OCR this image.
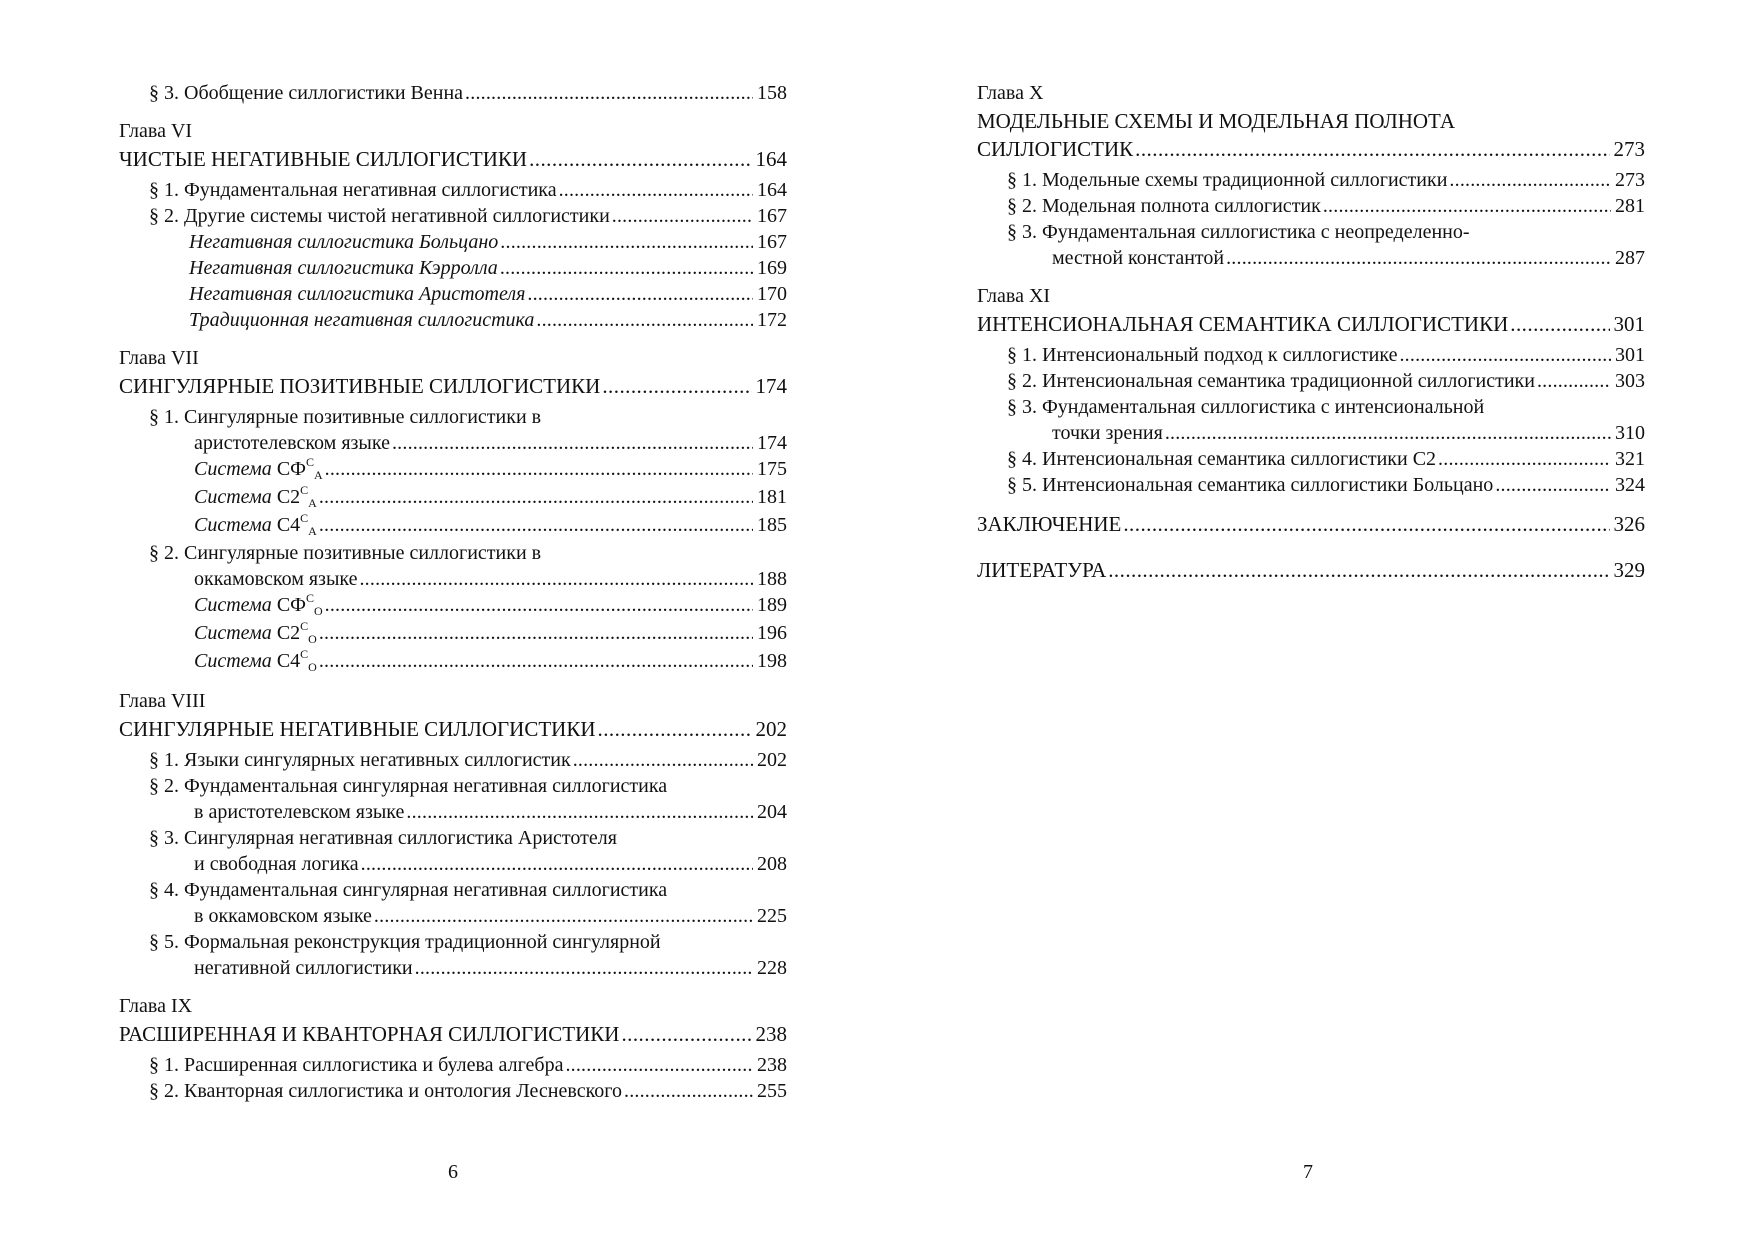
§ 3. Обобщение силлогистики Венна . . .	158
Глава VI
ЧИСТЫЕ НЕГАТИВНЫЕ СИЛЛОГИСТИКИ . . .	164
§ 1. Фундаментальная негативная силлогистика . . .	164
§ 2. Другие системы чистой негативной силлогистики . . .	167
Негативная силлогистика Больцано . . .	167
Негативная силлогистика Кэрролла . . .	169
Негативная силлогистика Аристотеля . . .	170
Традиционная негативная силлогистика . . .	172
Глава VII
СИНГУЛЯРНЫЕ ПОЗИТИВНЫЕ СИЛЛОГИСТИКИ . . .	174
§ 1. Сингулярные позитивные силлогистики в
аристотелевском языке . . .	174
Система $СФ^C_A$ . . .	175
Система $С2^C_A$ . . .	181
Система $С4^C_A$ . . .	185
§ 2. Сингулярные позитивные силлогистики в
оккамовском языке . . .	188
Система $СФ^C_O$ . . .	189
Система $С2^C_O$ . . .	196
Система $С4^C_O$ . . .	198
Глава VIII
СИНГУЛЯРНЫЕ НЕГАТИВНЫЕ СИЛЛОГИСТИКИ . . .	202
§ 1. Языки сингулярных негативных силлогистик . . .	202
§ 2. Фундаментальная сингулярная негативная силлогистика
в аристотелевском языке . . .	204
§ 3. Сингулярная негативная силлогистика Аристотеля
и свободная логика . . .	208
§ 4. Фундаментальная сингулярная негативная силлогистика
в оккамовском языке . . .	225
§ 5. Формальная реконструкция традиционной сингулярной
негативной силлогистики . . .	228
Глава IX
РАСШИРЕННАЯ И КВАНТОРНАЯ СИЛЛОГИСТИКИ . . .	238
§ 1. Расширенная силлогистика и булева алгебра . . .	238
§ 2. Кванторная силлогистика и онтология Лесневского . . .	255
Глава X
МОДЕЛЬНЫЕ СХЕМЫ И МОДЕЛЬНАЯ ПОЛНОТА
СИЛЛОГИСТИК . . .	273
§ 1. Модельные схемы традиционной силлогистики . . .	273
§ 2. Модельная полнота силлогистик . . .	281
§ 3. Фундаментальная силлогистика с неопределенно-
местной константой . . .	287
Глава XI
ИНТЕНСИОНАЛЬНАЯ СЕМАНТИКА СИЛЛОГИСТИКИ . . .	301
§ 1. Интенсиональный подход к силлогистике . . .	301
§ 2. Интенсиональная семантика традиционной силлогистики . . .	303
§ 3. Фундаментальная силлогистика с интенсиональной
точки зрения . . .	310
§ 4. Интенсиональная семантика силлогистики С2 . . .	321
§ 5. Интенсиональная семантика силлогистики Больцано . . .	324
ЗАКЛЮЧЕНИЕ . . .	326
ЛИТЕРАТУРА . . .	329
6	7
